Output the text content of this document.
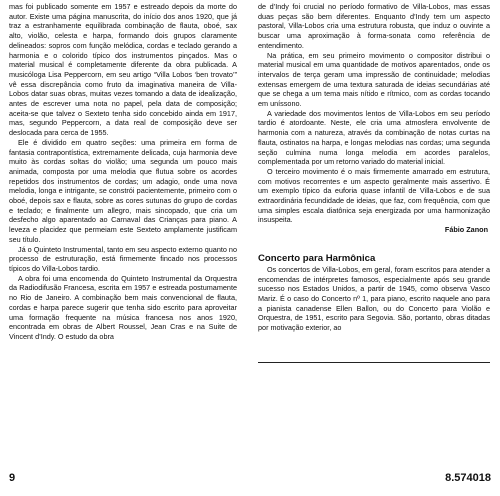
mas foi publicado somente em 1957 e estreado depois da morte do autor. Existe uma página manuscrita, do início dos anos 1920, que já traz a estranhamente equilibrada combinação de flauta, oboé, sax alto, violão, celesta e harpa, formando dois grupos claramente delineados: sopros com função melódica, cordas e teclado gerando a harmonia e o colorido típico dos instrumentos pinçados. Mas o material musical é completamente diferente da obra publicada. A musicóloga Lisa Peppercorn, em seu artigo “Villa Lobos ‘ben trovato’” vê essa discrepância como fruto da imaginativa maneira de Villa-Lobos datar suas obras, muitas vezes tomando a data de idealização, antes de escrever uma nota no papel, pela data de composição; aceita-se que talvez o Sexteto tenha sido concebido ainda em 1917, mas, segundo Peppercorn, a data real de composição deve ser deslocada para cerca de 1955.

Ele é dividido em quatro seções: uma primeira em forma de fantasia contrapontística, extremamente delicada, cuja harmonia deve muito às cordas soltas do violão; uma segunda um pouco mais animada, composta por uma melodia que flutua sobre os acordes repetidos dos instrumentos de cordas; um adagio, onde uma nova melodia, longa e intrigante, se constrói pacientemente, primeiro com o oboé, depois sax e flauta, sobre as cores sutunas do grupo de cordas e teclado; e finalmente um allegro, mais sincopado, que cria um desfecho algo aparentado ao Carnaval das Crianças para piano. A leveza e placidez que permeiam este Sexteto amplamente justificam seu título.

Já o Quinteto Instrumental, tanto em seu aspecto externo quanto no processo de estruturação, está firmemente fincado nos processos típicos do Villa-Lobos tardio.

A obra foi uma encomenda do Quinteto Instrumental da Orquestra da Radiodifusão Francesa, escrita em 1957 e estreada postumamente no Rio de Janeiro. A combinação bem mais convencional de flauta, cordas e harpa parece sugerir que tenha sido escrito para aproveitar uma formação frequente na música francesa nos anos 1920, encontrada em obras de Albert Roussel, Jean Cras e na Suite de Vincent d’Indy. O estudo da obra

de d’Indy foi crucial no período formativo de Villa-Lobos, mas essas duas peças são bem diferentes. Enquanto d’Indy tem um aspecto pastoral, Villa-Lobos cria uma estrutura robusta, que induz o ouvinte a buscar uma aproximação à forma-sonata como referência de entendimento.

Na prática, em seu primeiro movimento o compositor distribui o material musical em uma quantidade de motivos aparentados, onde os intervalos de terça geram uma impressão de continuidade; melodias extensas emergem de uma textura saturada de ideias secundárias até que se chega a um tema mais nítido e rítmico, com as cordas tocando em uníssono.

A variedade dos movimentos lentos de Villa-Lobos em seu período tardio é atordoante. Neste, ele cria uma atmosfera envolvente de harmonia com a natureza, através da combinação de notas curtas na flauta, ostinatos na harpa, e longas melodias nas cordas; uma segunda seção culmina numa longa melodia em acordes paralelos, complementada por um retorno variado do material inicial.

O terceiro movimento é o mais firmemente amarrado em estrutura, com motivos recorrentes e um aspecto geralmente mais assertivo. É um exemplo típico da euforia quase infantil de Villa-Lobos e de sua extraordinária fecundidade de ideias, que faz, com frequência, com que uma simples escala diatônica seja energizada por uma harmonização insuspeita.

Fábio Zanon

Concerto para Harmônica

Os concertos de Villa-Lobos, em geral, foram escritos para atender a encomendas de intérpretes famosos, especialmente após seu grande sucesso nos Estados Unidos, a partir de 1945, como observa Vasco Mariz. É o caso do Concerto nº 1, para piano, escrito naquele ano para a pianista canadense Ellen Ballon, ou do Concerto para Violão e Orquestra, de 1951, escrito para Segovia. São, portanto, obras ditadas por motivação exterior, ao

9	8.574018
